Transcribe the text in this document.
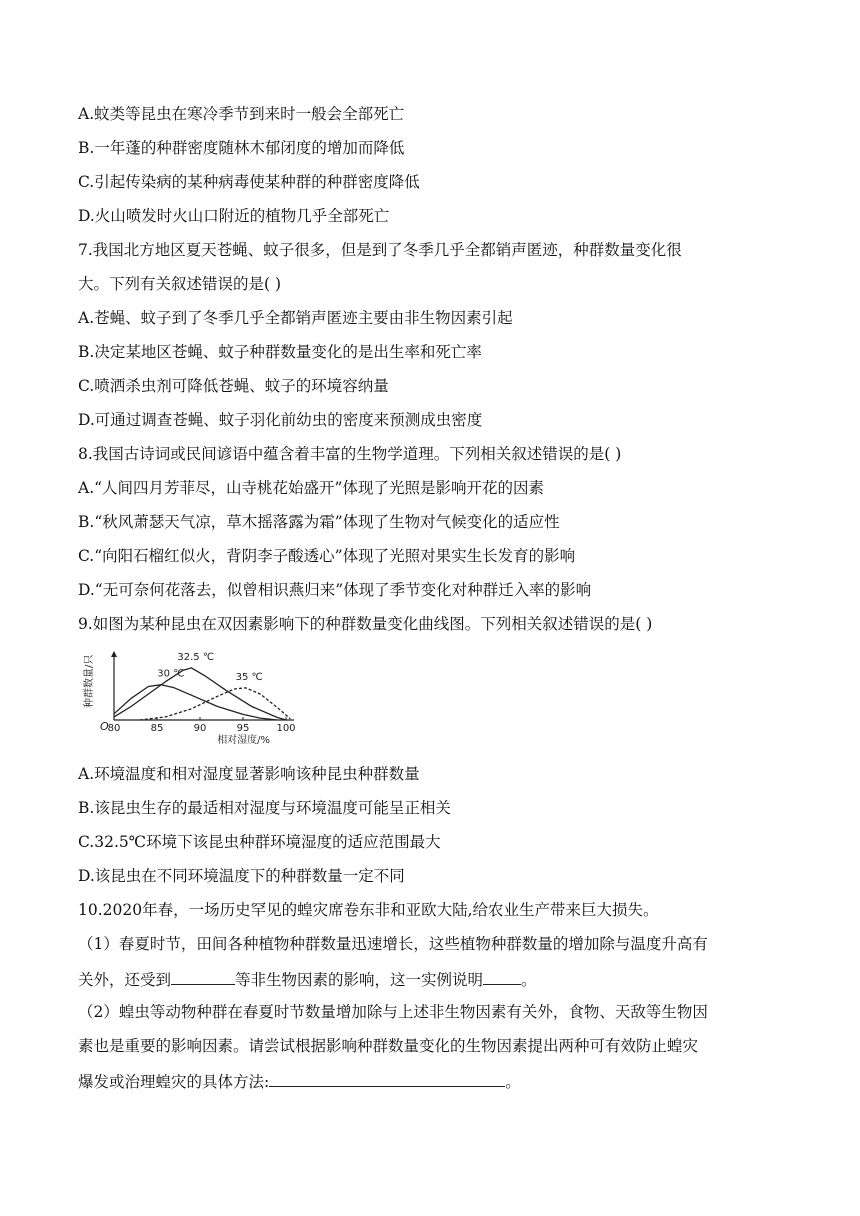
A.蚊类等昆虫在寒冷季节到来时一般会全部死亡
B.一年蓬的种群密度随林木郁闭度的增加而降低
C.引起传染病的某种病毒使某种群的种群密度降低
D.火山喷发时火山口附近的植物几乎全部死亡
7.我国北方地区夏天苍蝇、蚊子很多，但是到了冬季几乎全都销声匿迹，种群数量变化很
大。下列有关叙述错误的是( )
A.苍蝇、蚊子到了冬季几乎全都销声匿迹主要由非生物因素引起
B.决定某地区苍蝇、蚊子种群数量变化的是出生率和死亡率
C.喷洒杀虫剂可降低苍蝇、蚊子的环境容纳量
D.可通过调查苍蝇、蚊子羽化前幼虫的密度来预测成虫密度
8.我国古诗词或民间谚语中蕴含着丰富的生物学道理。下列相关叙述错误的是( )
A.“人间四月芳菲尽，山寺桃花始盛开”体现了光照是影响开花的因素
B.“秋风萧瑟天气凉，草木摇落露为霜”体现了生物对气候变化的适应性
C.“向阳石榴红似火，背阴李子酸透心”体现了光照对果实生长发育的影响
D.“无可奈何花落去，似曾相识燕归来”体现了季节变化对种群迁入率的影响
9.如图为某种昆虫在双因素影响下的种群数量变化曲线图。下列相关叙述错误的是( )
O
80	85	90	95	100
相对湿度/%
种群数量/只	30 ℃
32.5 ℃
35 ℃
A.环境温度和相对湿度显著影响该种昆虫种群数量
B.该昆虫生存的最适相对湿度与环境温度可能呈正相关
C.32.5℃环境下该昆虫种群环境湿度的适应范围最大
D.该昆虫在不同环境温度下的种群数量一定不同
10.2020年春，一场历史罕见的蝗灾席卷东非和亚欧大陆,给农业生产带来巨大损失。
（1）春夏时节，田间各种植物种群数量迅速增长，这些植物种群数量的增加除与温度升高有
关外，还受到	等非生物因素的影响，这一实例说明 。
（2）蝗虫等动物种群在春夏时节数量增加除与上述非生物因素有关外，食物、天敌等生物因
素也是重要的影响因素。请尝试根据影响种群数量变化的生物因素提出两种可有效防止蝗灾
爆发或治理蝗灾的具体方法:	。
